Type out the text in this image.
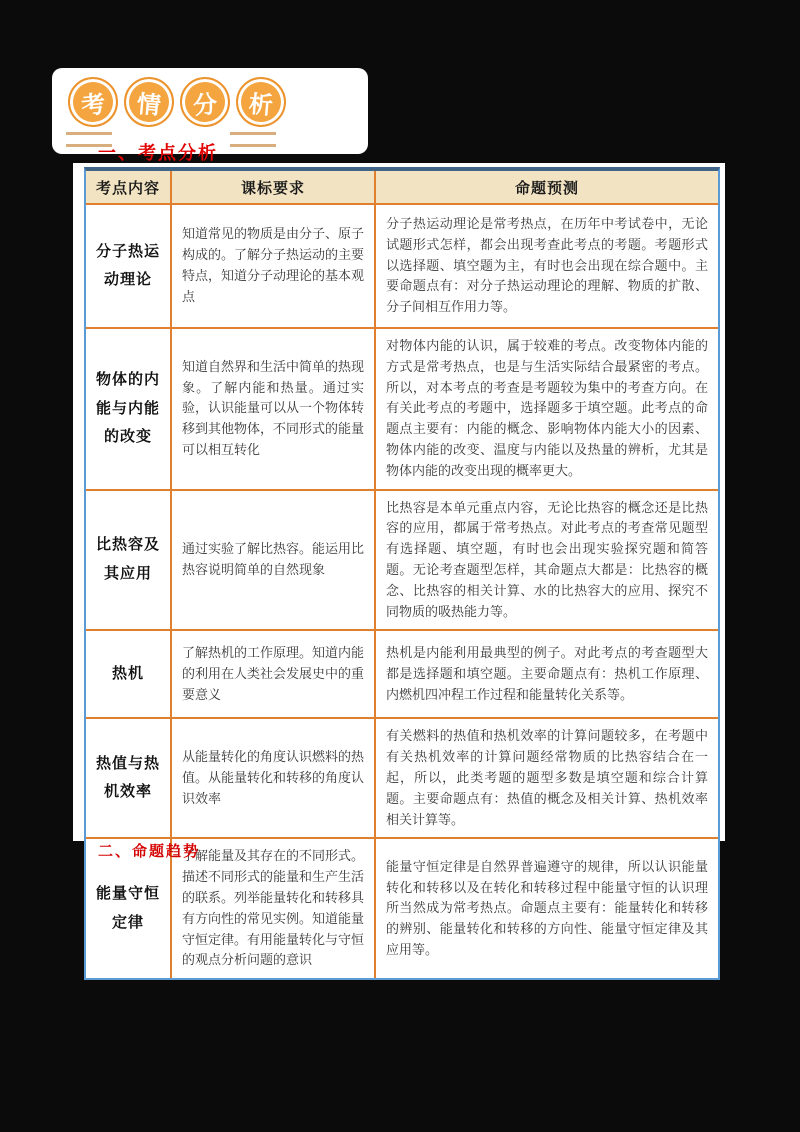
考	情	分	析
一、考点分析
考点内容	课标要求	命题预测
分子热运动理论	知道常见的物质是由分子、原子构成的。了解分子热运动的主要特点，知道分子动理论的基本观点	分子热运动理论是常考热点，在历年中考试卷中，无论试题形式怎样，都会出现考查此考点的考题。考题形式以选择题、填空题为主，有时也会出现在综合题中。主要命题点有：对分子热运动理论的理解、物质的扩散、分子间相互作用力等。
物体的内能与内能的改变	知道自然界和生活中简单的热现象。了解内能和热量。通过实验，认识能量可以从一个物体转移到其他物体，不同形式的能量可以相互转化	对物体内能的认识，属于较难的考点。改变物体内能的方式是常考热点，也是与生活实际结合最紧密的考点。所以，对本考点的考查是考题较为集中的考查方向。在有关此考点的考题中，选择题多于填空题。此考点的命题点主要有：内能的概念、影响物体内能大小的因素、物体内能的改变、温度与内能以及热量的辨析，尤其是物体内能的改变出现的概率更大。
比热容及其应用	通过实验了解比热容。能运用比热容说明简单的自然现象	比热容是本单元重点内容，无论比热容的概念还是比热容的应用，都属于常考热点。对此考点的考查常见题型有选择题、填空题，有时也会出现实验探究题和简答题。无论考查题型怎样，其命题点大都是：比热容的概念、比热容的相关计算、水的比热容大的应用、探究不同物质的吸热能力等。
热机	了解热机的工作原理。知道内能的利用在人类社会发展史中的重要意义	热机是内能利用最典型的例子。对此考点的考查题型大都是选择题和填空题。主要命题点有：热机工作原理、内燃机四冲程工作过程和能量转化关系等。
热值与热机效率	从能量转化的角度认识燃料的热值。从能量转化和转移的角度认识效率	有关燃料的热值和热机效率的计算问题较多，在考题中有关热机效率的计算问题经常物质的比热容结合在一起，所以，此类考题的题型多数是填空题和综合计算题。主要命题点有：热值的概念及相关计算、热机效率相关计算等。
能量守恒定律	了解能量及其存在的不同形式。描述不同形式的能量和生产生活的联系。列举能量转化和转移具有方向性的常见实例。知道能量守恒定律。有用能量转化与守恒的观点分析问题的意识	能量守恒定律是自然界普遍遵守的规律，所以认识能量转化和转移以及在转化和转移过程中能量守恒的认识理所当然成为常考热点。命题点主要有：能量转化和转移的辨别、能量转化和转移的方向性、能量守恒定律及其应用等。
二、命题趋势
